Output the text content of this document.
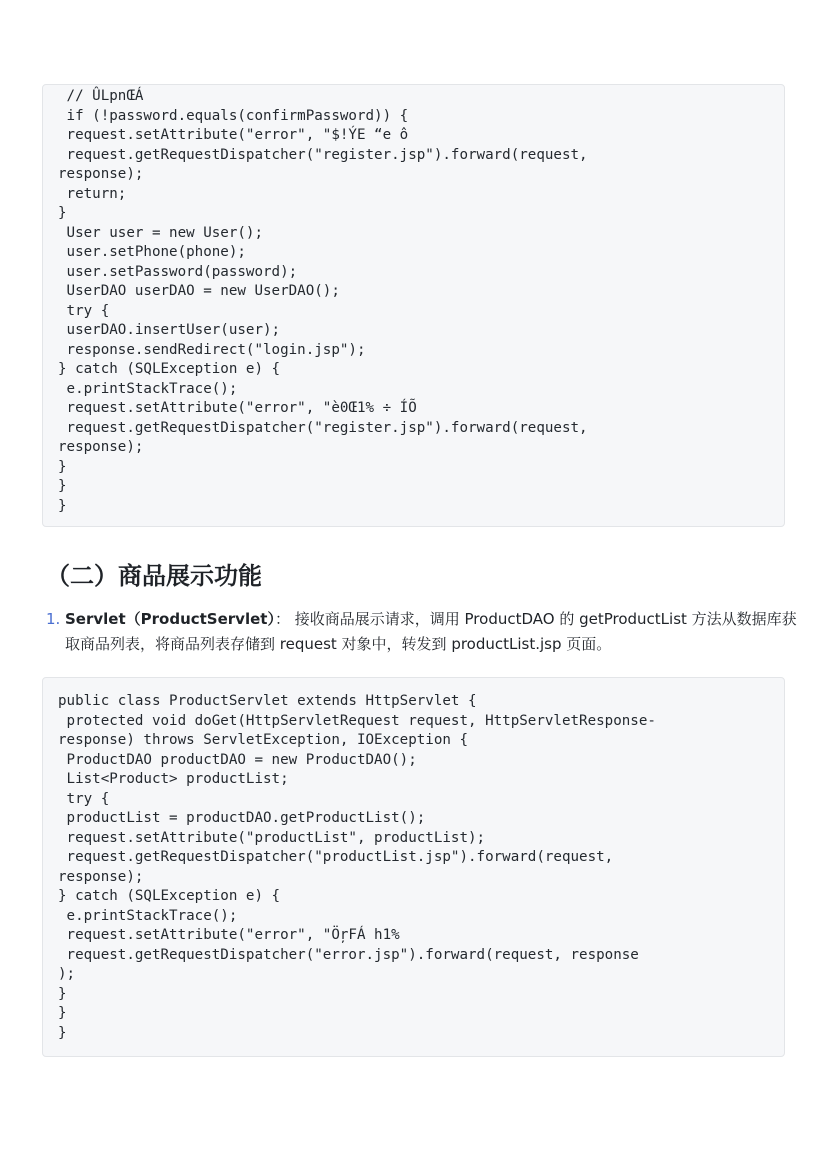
// ÛLpnŒÁ
if (!password.equals(confirmPassword)) {
request.setAttribute("error", "$!ÝE “e ô
request.getRequestDispatcher("register.jsp").forward(request,
response);
return;
}
User user = new User();
user.setPhone(phone);
user.setPassword(password);
UserDAO userDAO = new UserDAO();
try {
userDAO.insertUser(user);
response.sendRedirect("login.jsp");
} catch (SQLException e) {
e.printStackTrace();
request.setAttribute("error", "è0Œ1% ÷ ÍÕ
request.getRequestDispatcher("register.jsp").forward(request,
response);
}
}
}
（二）商品展示功能
1. Servlet（ProductServlet）： 接收商品展示请求，调用 ProductDAO 的 getProductList 方法从数据库获取商品列表，将商品列表存储到 request 对象中，转发到 productList.jsp 页面。
public class ProductServlet extends HttpServlet {
protected void doGet(HttpServletRequest request, HttpServletResponse-
response) throws ServletException, IOException {
ProductDAO productDAO = new ProductDAO();
List<Product> productList;
try {
productList = productDAO.getProductList();
request.setAttribute("productList", productList);
request.getRequestDispatcher("productList.jsp").forward(request,
response);
} catch (SQLException e) {
e.printStackTrace();
request.setAttribute("error", "ÖŗFÁ h1%
request.getRequestDispatcher("error.jsp").forward(request, response
);
}
}
}
